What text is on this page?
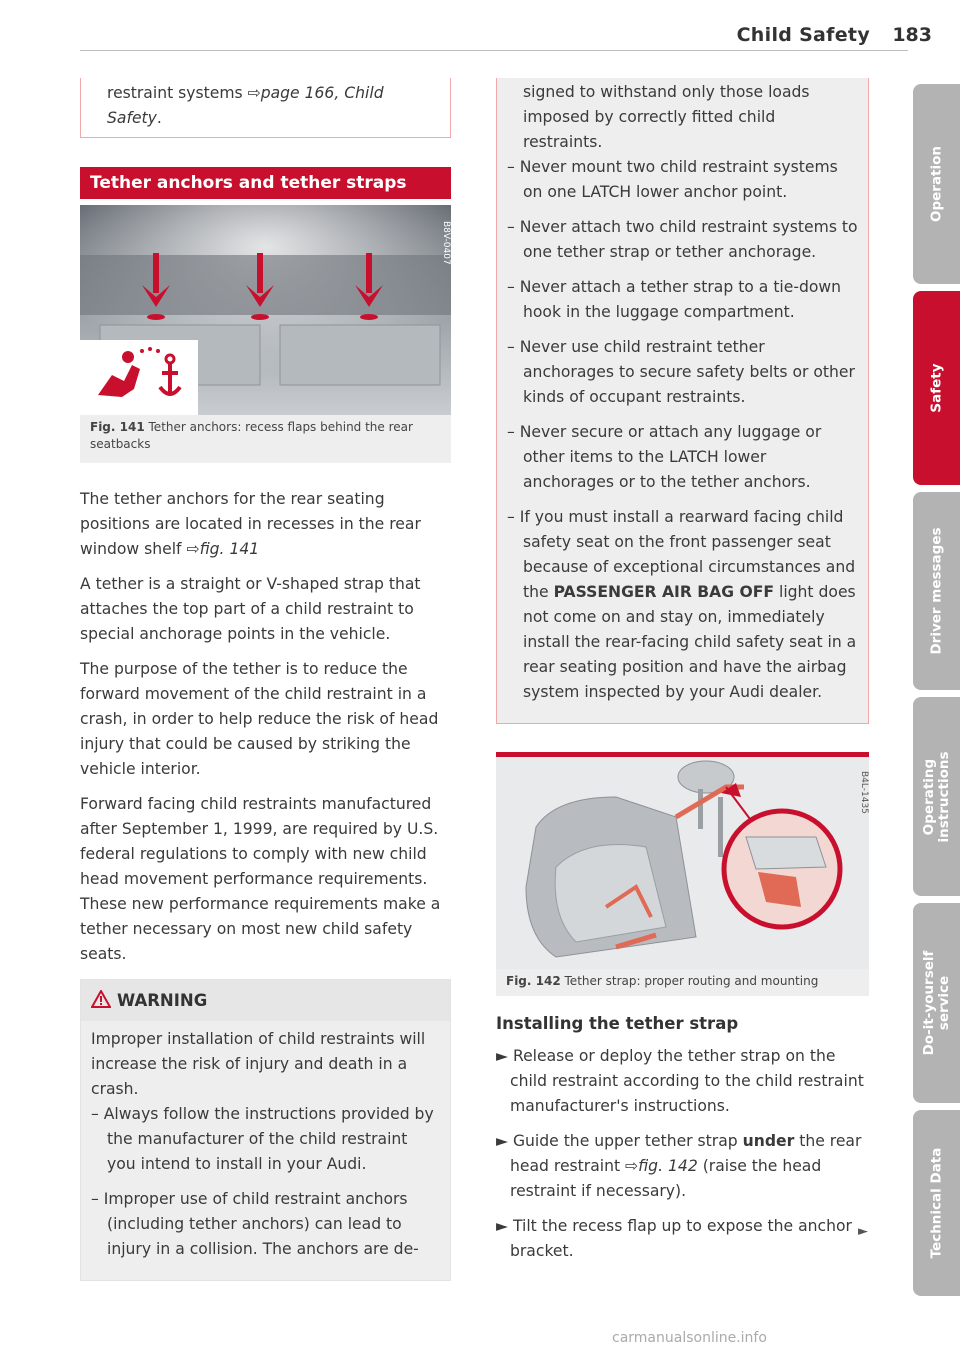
Child Safety 183
restraint systems ⇨page 166, Child Safety.
Tether anchors and tether straps
B8V-0407
Fig. 141 Tether anchors: recess flaps behind the rear seatbacks

The tether anchors for the rear seating positions are located in recesses in the rear window shelf ⇨fig. 141

A tether is a straight or V-shaped strap that attaches the top part of a child restraint to special anchorage points in the vehicle.

The purpose of the tether is to reduce the forward movement of the child restraint in a crash, in order to help reduce the risk of head injury that could be caused by striking the vehicle interior.

Forward facing child restraints manufactured after September 1, 1999, are required by U.S. federal regulations to comply with new child head movement performance requirements. These new performance requirements make a tether necessary on most new child safety seats.

WARNING

Improper installation of child restraints will increase the risk of injury and death in a crash.

– Always follow the instructions provided by the manufacturer of the child restraint you intend to install in your Audi.

– Improper use of child restraint anchors (including tether anchors) can lead to injury in a collision. The anchors are de-

signed to withstand only those loads imposed by correctly fitted child restraints.

– Never mount two child restraint systems on one LATCH lower anchor point.

– Never attach two child restraint systems to one tether strap or tether anchorage.

– Never attach a tether strap to a tie-down hook in the luggage compartment.

– Never use child restraint tether anchorages to secure safety belts or other kinds of occupant restraints.

– Never secure or attach any luggage or other items to the LATCH lower anchorages or to the tether anchors.

– If you must install a rearward facing child safety seat on the front passenger seat because of exceptional circumstances and the PASSENGER AIR BAG OFF light does not come on and stay on, immediately install the rear-facing child safety seat in a rear seating position and have the airbag system inspected by your Audi dealer.

B4L-1435
Fig. 142 Tether strap: proper routing and mounting
Installing the tether strap

► Release or deploy the tether strap on the child restraint according to the child restraint manufacturer's instructions.

► Guide the upper tether strap under the rear head restraint ⇨fig. 142 (raise the head restraint if necessary).

► Tilt the recess flap up to expose the anchor bracket.

►
Operation
Safety
Driver messages
Operating instructions
Do-it-yourself service
Technical Data
carmanualsonline.info
